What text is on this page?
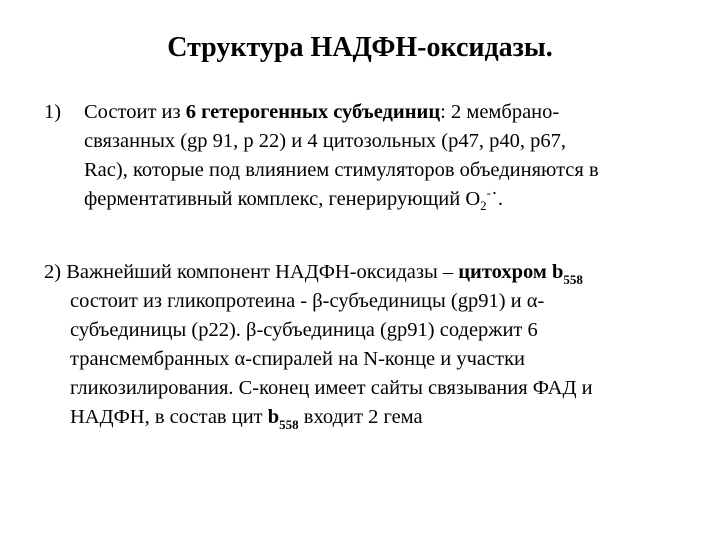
Структура НАДФН-оксидазы.
1) Состоит из 6 гетерогенных субъединиц: 2 мембрано-
связанных (gp 91, p 22) и 4 цитозольных (p47, p40, p67,
Rac), которые под влиянием стимуляторов объединяются в
ферментативный комплекс, генерирующий $O_2^-˙$.
2) Важнейший компонент НАДФН-оксидазы – цитохром $b_{558}$
состоит из гликопротеина - β-субъединицы (gp91) и α-
субъединицы (p22). β-субъединица (gp91) содержит 6
трансмембранных α-спиралей на N-конце и участки
гликозилирования. С-конец имеет сайты связывания ФАД и
НАДФН, в состав цит $b_{558}$ входит 2 гема
